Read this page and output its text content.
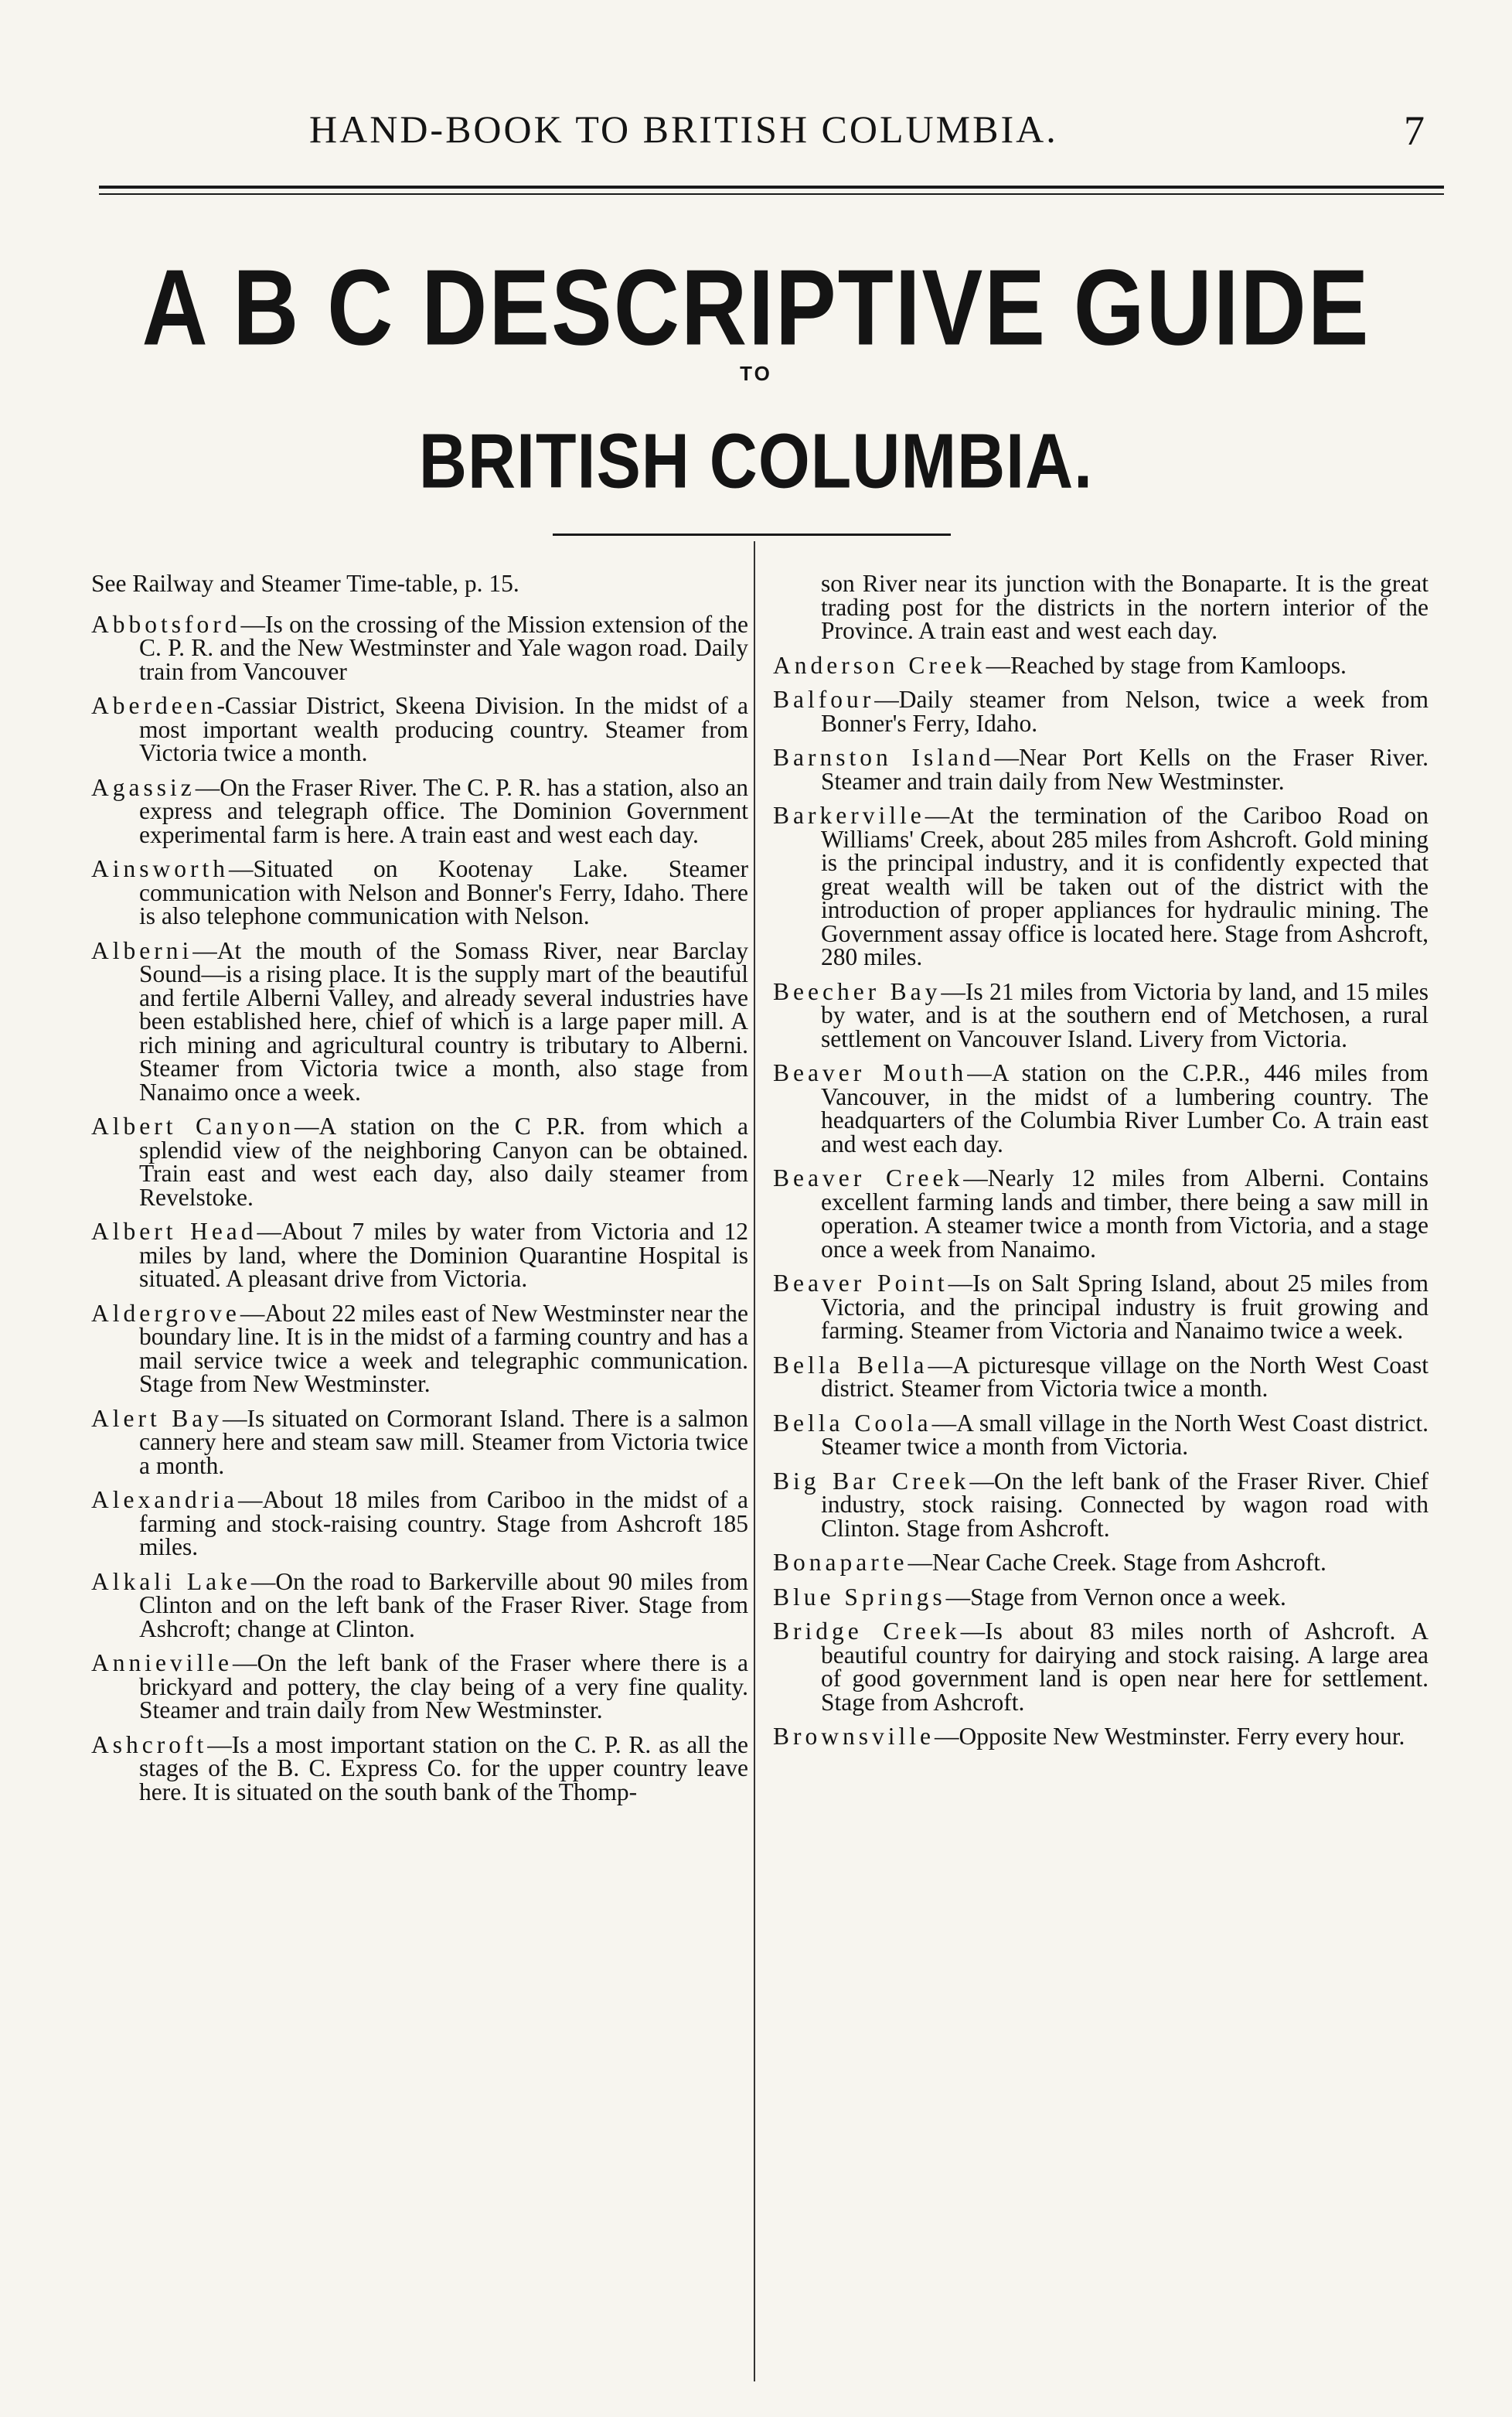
HAND-BOOK TO BRITISH COLUMBIA.	7
A B C DESCRIPTIVE GUIDE
TO
BRITISH COLUMBIA.

See Railway and Steamer Time-table, p. 15.

Abbotsford—Is on the crossing of the Mission extension of the C. P. R. and the New Westminster and Yale wagon road. Daily train from Vancouver

Aberdeen-Cassiar District, Skeena Division. In the midst of a most important wealth producing country. Steamer from Victoria twice a month.

Agassiz—On the Fraser River. The C. P. R. has a station, also an express and telegraph office. The Dominion Government experimental farm is here. A train east and west each day.

Ainsworth—Situated on Kootenay Lake. Steamer communication with Nelson and Bonner's Ferry, Idaho. There is also telephone communication with Nelson.

Alberni—At the mouth of the Somass River, near Barclay Sound—is a rising place. It is the supply mart of the beautiful and fertile Alberni Valley, and already several industries have been established here, chief of which is a large paper mill. A rich mining and agricultural country is tributary to Alberni. Steamer from Victoria twice a month, also stage from Nanaimo once a week.

Albert Canyon—A station on the C P.R. from which a splendid view of the neighboring Canyon can be obtained. Train east and west each day, also daily steamer from Revelstoke.

Albert Head—About 7 miles by water from Victoria and 12 miles by land, where the Dominion Quarantine Hospital is situated. A pleasant drive from Victoria.

Aldergrove—About 22 miles east of New Westminster near the boundary line. It is in the midst of a farming country and has a mail service twice a week and telegraphic communication. Stage from New Westminster.

Alert Bay—Is situated on Cormorant Island. There is a salmon cannery here and steam saw mill. Steamer from Victoria twice a month.

Alexandria—About 18 miles from Cariboo in the midst of a farming and stock-raising country. Stage from Ashcroft 185 miles.

Alkali Lake—On the road to Barkerville about 90 miles from Clinton and on the left bank of the Fraser River. Stage from Ashcroft; change at Clinton.

Annieville—On the left bank of the Fraser where there is a brickyard and pottery, the clay being of a very fine quality. Steamer and train daily from New Westminster.

Ashcroft—Is a most important station on the C. P. R. as all the stages of the B. C. Express Co. for the upper country leave here. It is situated on the south bank of the Thomp-

son River near its junction with the Bonaparte. It is the great trading post for the districts in the nortern interior of the Province. A train east and west each day.

Anderson Creek—Reached by stage from Kamloops.

Balfour—Daily steamer from Nelson, twice a week from Bonner's Ferry, Idaho.

Barnston Island—Near Port Kells on the Fraser River. Steamer and train daily from New Westminster.

Barkerville—At the termination of the Cariboo Road on Williams' Creek, about 285 miles from Ashcroft. Gold mining is the principal industry, and it is confidently expected that great wealth will be taken out of the district with the introduction of proper appliances for hydraulic mining. The Government assay office is located here. Stage from Ashcroft, 280 miles.

Beecher Bay—Is 21 miles from Victoria by land, and 15 miles by water, and is at the southern end of Metchosen, a rural settlement on Vancouver Island. Livery from Victoria.

Beaver Mouth—A station on the C.P.R., 446 miles from Vancouver, in the midst of a lumbering country. The headquarters of the Columbia River Lumber Co. A train east and west each day.

Beaver Creek—Nearly 12 miles from Alberni. Contains excellent farming lands and timber, there being a saw mill in operation. A steamer twice a month from Victoria, and a stage once a week from Nanaimo.

Beaver Point—Is on Salt Spring Island, about 25 miles from Victoria, and the principal industry is fruit growing and farming. Steamer from Victoria and Nanaimo twice a week.

Bella Bella—A picturesque village on the North West Coast district. Steamer from Victoria twice a month.

Bella Coola—A small village in the North West Coast district. Steamer twice a month from Victoria.

Big Bar Creek—On the left bank of the Fraser River. Chief industry, stock raising. Connected by wagon road with Clinton. Stage from Ashcroft.

Bonaparte—Near Cache Creek. Stage from Ashcroft.

Blue Springs—Stage from Vernon once a week.

Bridge Creek—Is about 83 miles north of Ashcroft. A beautiful country for dairying and stock raising. A large area of good government land is open near here for settlement. Stage from Ashcroft.

Brownsville—Opposite New Westminster. Ferry every hour.
